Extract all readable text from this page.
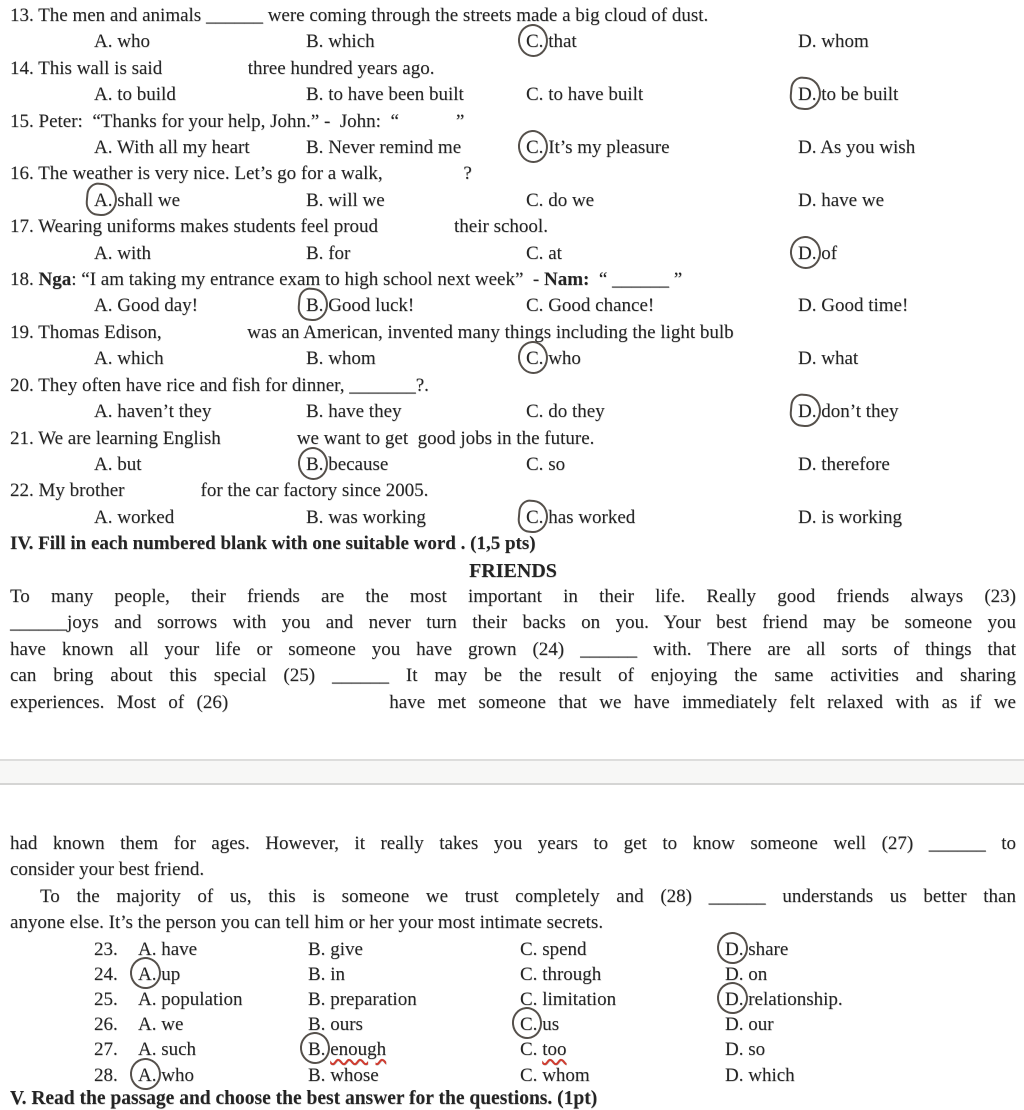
13. The men and animals ______ were coming through the streets made a big cloud of dust.
A. who	B. which	C. that	D. whom
14. This wall is said                  three hundred years ago.
A. to build	B. to have been built	C. to have built	D. to be built
15. Peter:  “Thanks for your help, John.” -  John:  “            ”
A. With all my heart	B. Never remind me	C. It’s my pleasure	D. As you wish
16. The weather is very nice. Let’s go for a walk,                 ?
A. shall we	B. will we	C. do we	D. have we
17. Wearing uniforms makes students feel proud                their school.
A. with	B. for	C. at	D. of
18. Nga: “I am taking my entrance exam to high school next week”  - Nam:  “ ______ ”
A. Good day!	B. Good luck!	C. Good chance!	D. Good time!
19. Thomas Edison,                  was an American, invented many things including the light bulb
A. which	B. whom	C. who	D. what
20. They often have rice and fish for dinner, _______?.
A. haven’t they	B. have they	C. do they	D. don’t they
21. We are learning English                we want to get  good jobs in the future.
A. but	B. because	C. so	D. therefore
22. My brother                for the car factory since 2005.
A. worked	B. was working	C. has worked	D. is working
IV. Fill in each numbered blank with one suitable word . (1,5 pts)
FRIENDS
To many people, their friends are the most important in their life. Really good friends always (23)
______joys and sorrows with you and never turn their backs on you. Your best friend may be someone you
have known all your life or someone you have grown (24) ______ with. There are all sorts of things that
can bring about this special (25) ______ It may be the result of enjoying the same activities and sharing
experiences. Most of (26)             have met someone that we have immediately felt relaxed with as if we
had known them for ages. However, it really takes you years to get to know someone well (27) ______ to
consider your best friend.
To the majority of us, this is someone we trust completely and (28) ______ understands us better than
anyone else. It’s the person you can tell him or her your most intimate secrets.
23.	A. have	B. give	C. spend	D. share
24.	A. up	B. in	C. through	D. on
25.	A. population	B. preparation	C. limitation	D. relationship.
26.	A. we	B. ours	C. us	D. our
27.	A. such	B. enough	C. too	D. so
28.	A. who	B. whose	C. whom	D. which
V. Read the passage and choose the best answer for the questions. (1pt)
